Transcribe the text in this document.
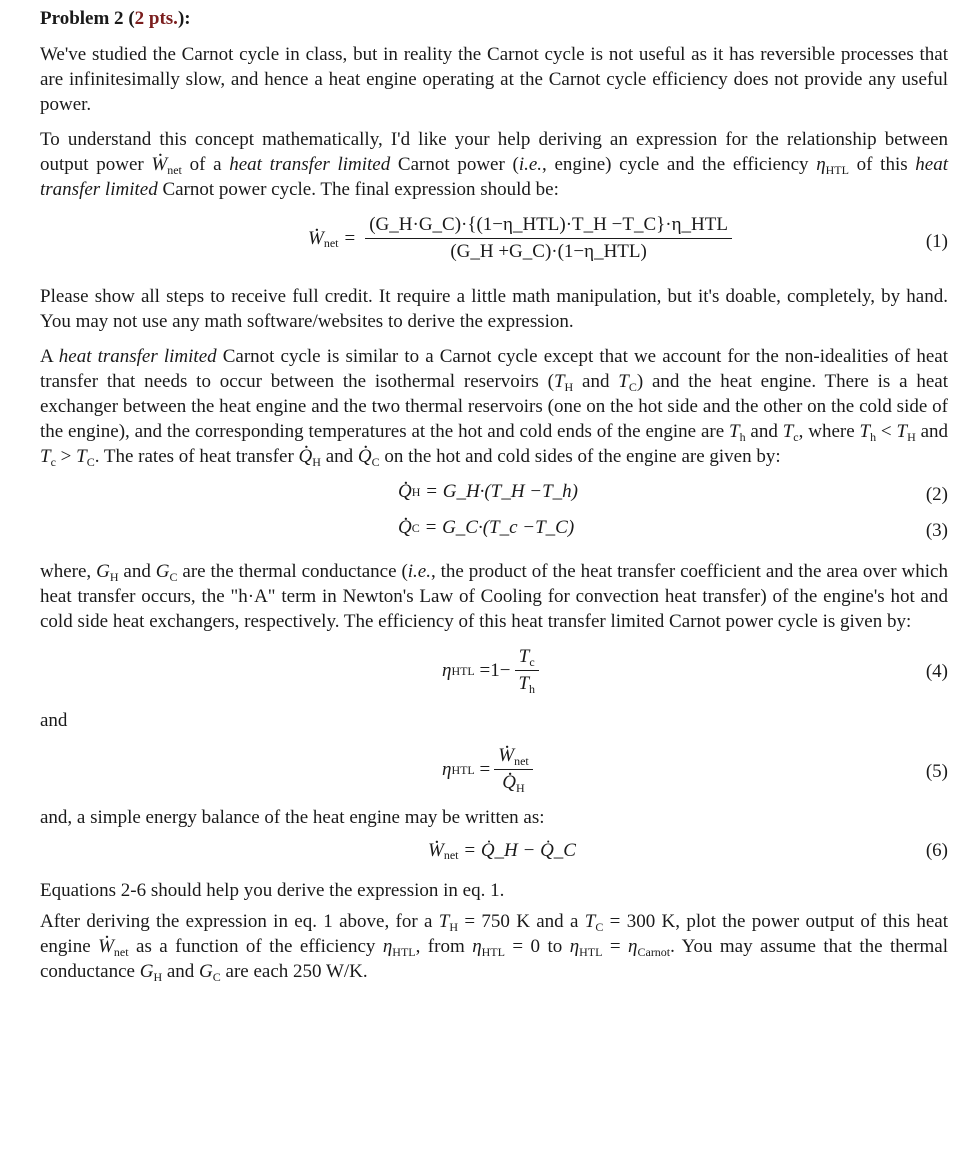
Problem 2 (2 pts.):

We've studied the Carnot cycle in class, but in reality the Carnot cycle is not useful as it has reversible processes that are infinitesimally slow, and hence a heat engine operating at the Carnot cycle efficiency does not provide any useful power.

To understand this concept mathematically, I'd like your help deriving an expression for the relationship between output power . $W_{net}$ of a heat transfer limited Carnot power (i.e., engine) cycle and the efficiency $\eta_{HTL}$ of this heat transfer limited Carnot power cycle. The final expression should be:

. W net = $\frac{\text{(G\_H·G\_C)·\{(1−η\_HTL)·T\_H −T\_C\}·η\_HTL}}{\text{(G\_H +G\_C)·(1−η\_HTL)}}$	(1)

Please show all steps to receive full credit. It require a little math manipulation, but it's doable, completely, by hand. You may not use any math software/websites to derive the expression.

A heat transfer limited Carnot cycle is similar to a Carnot cycle except that we account for the non-idealities of heat transfer that needs to occur between the isothermal reservoirs ($T_H$ and $T_C$) and the heat engine. There is a heat exchanger between the heat engine and the two thermal reservoirs (one on the hot side and the other on the cold side of the engine), and the corresponding temperatures at the hot and cold ends of the engine are $T_h$ and $T_c$, where $T_h < T_H$ and $T_c > T_C$. The rates of heat transfer . $Q_H$ and . $Q_C$ on the hot and cold sides of the engine are given by:

. Q H
= G_H·(T_H −T_h)	(2)
. Q C
= G_C·(T_c −T_C)	(3)

where, $G_H$ and $G_C$ are the thermal conductance (i.e., the product of the heat transfer coefficient and the area over which heat transfer occurs, the "h·A" term in Newton's Law of Cooling for convection heat transfer) of the engine's hot and cold side heat exchangers, respectively. The efficiency of this heat transfer limited Carnot power cycle is given by:

η HTL
$=1- \frac{T_c}{T_h}$	(4)

and

η HTL
=
. $W_{net}$
. $Q_H$	(5)

and, a simple energy balance of the heat engine may be written as:

. W net
= Q̇_H − Q̇_C	(6)

Equations 2-6 should help you derive the expression in eq. 1.

After deriving the expression in eq. 1 above, for a $T_H = 750$ K and a $T_C = 300$ K, plot the power output of this heat engine . $W_{net}$ as a function of the efficiency $\eta_{HTL}$, from $\eta_{HTL} = 0$ to $\eta_{HTL} = \eta_{Carnot}$. You may assume that the thermal conductance $G_H$ and $G_C$ are each 250 W/K.
